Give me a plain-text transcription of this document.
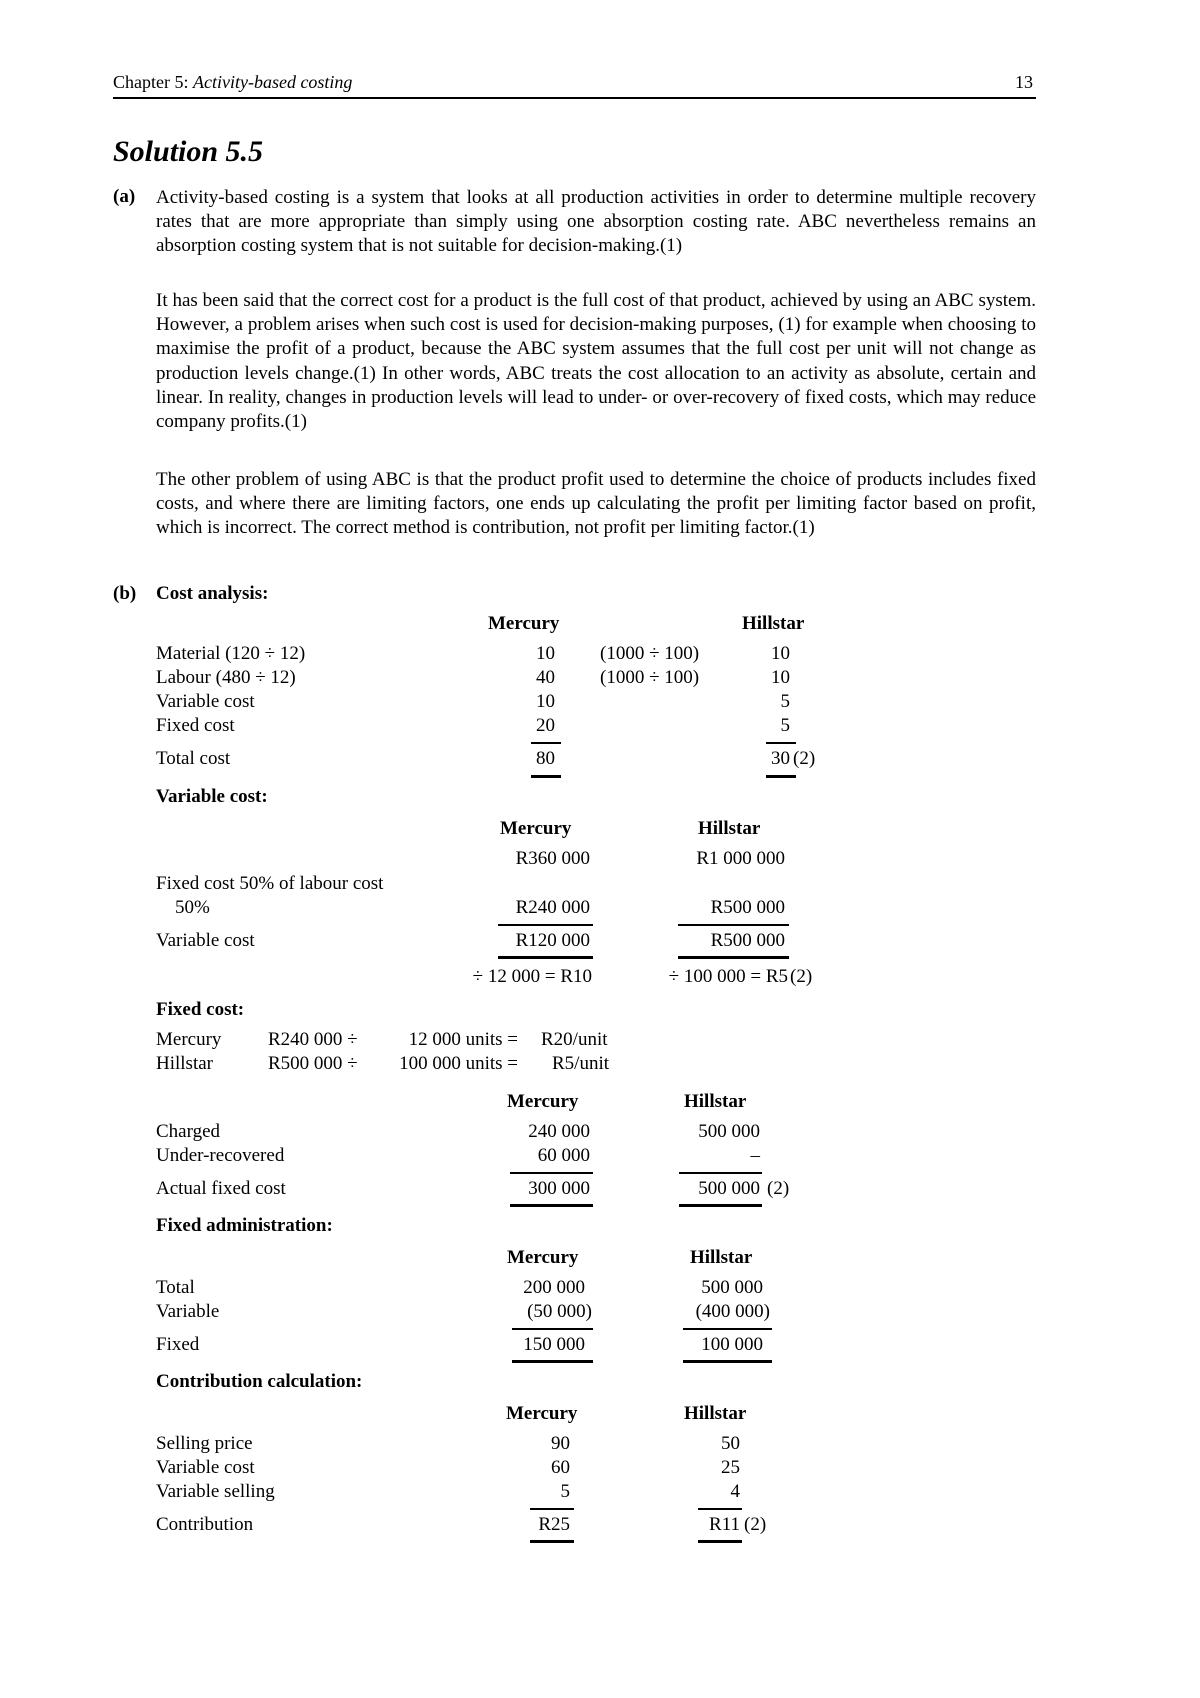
Chapter 5: Activity-based costing	13
Solution 5.5
(a) Activity-based costing is a system that looks at all production activities in order to determine multiple recovery rates that are more appropriate than simply using one absorption costing rate. ABC nevertheless remains an absorption costing system that is not suitable for decision-making.(1)
It has been said that the correct cost for a product is the full cost of that product, achieved by using an ABC system. However, a problem arises when such cost is used for decision-making purposes, (1) for example when choosing to maximise the profit of a product, because the ABC system assumes that the full cost per unit will not change as production levels change.(1) In other words, ABC treats the cost allocation to an activity as absolute, certain and linear. In reality, changes in production levels will lead to under- or over-recovery of fixed costs, which may reduce company profits.(1)
The other problem of using ABC is that the product profit used to determine the choice of products includes fixed costs, and where there are limiting factors, one ends up calculating the profit per limiting factor based on profit, which is incorrect. The correct method is contribution, not profit per limiting factor.(1)
(b) Cost analysis:
Mercury	Hillstar
Material (120 ÷ 12)	10 (1000 ÷ 100)	10
Labour (480 ÷ 12)	40 (1000 ÷ 100)	10
Variable cost	10	5
Fixed cost	20	5
Total cost	80	30 (2)
Variable cost:
Mercury	Hillstar
R360 000	R1 000 000
Fixed cost 50% of labour cost
50%	R240 000	R500 000
Variable cost	R120 000	R500 000
÷ 12 000 = R10	÷ 100 000 = R5 (2)
Fixed cost:
Mercury R240 000 ÷	12 000 units = R20/unit
Hillstar	R500 000 ÷	100 000 units = R5/unit
Mercury	Hillstar
Charged	240 000	500 000
Under-recovered	60 000	–
Actual fixed cost	300 000	500 000 (2)
Fixed administration:
Mercury	Hillstar
Total	200 000	500 000
Variable	(50 000)	(400 000)
Fixed	150 000	100 000
Contribution calculation:
Mercury	Hillstar
Selling price	90	50
Variable cost	60	25
Variable selling	5	4
Contribution	R25	R11 (2)
